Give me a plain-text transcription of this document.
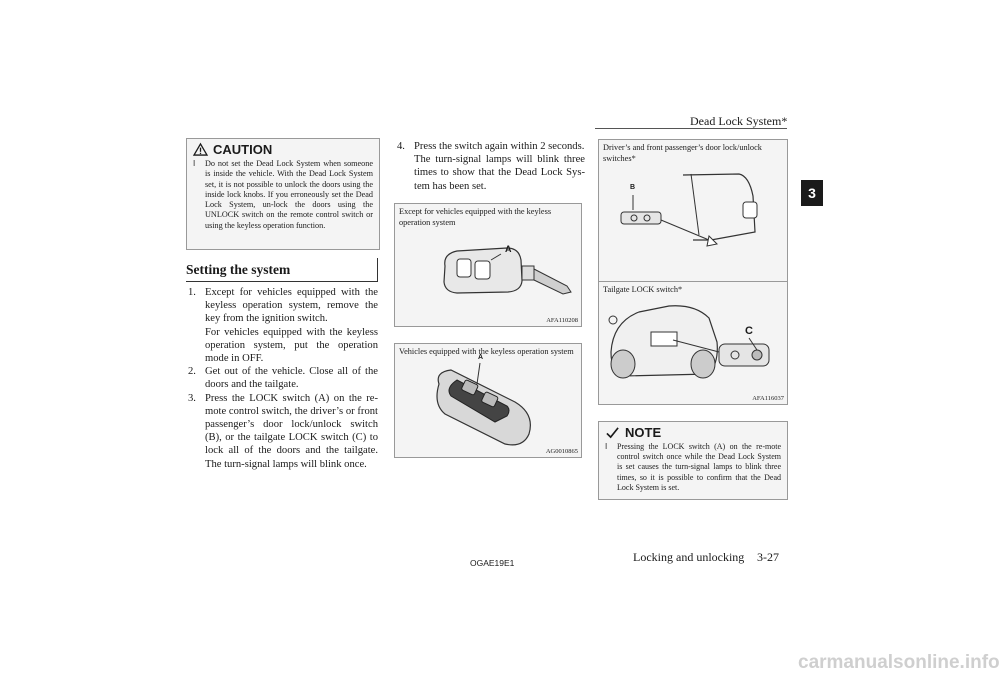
Dead Lock System*
3
CAUTION
l	Do not set the Dead Lock System when someone is inside the vehicle. With the Dead Lock System set, it is not possible to unlock the doors using the inside lock knobs. If you erroneously set the Dead Lock System, un-lock the doors using the UNLOCK switch on the remote control switch or using the keyless operation function.
Setting the system
1. Except for vehicles equipped with the keyless operation system, remove the key from the ignition switch.
For vehicles equipped with the keyless operation system, put the operation mode in OFF.
2. Get out of the vehicle. Close all of the doors and the tailgate.
3. Press the LOCK switch (A) on the re-mote control switch, the driver’s or front passenger’s door lock/unlock switch (B), or the tailgate LOCK switch (C) to lock all of the doors and the tailgate. The turn-signal lamps will blink once.
4. Press the switch again within 2 seconds.
The turn-signal lamps will blink three times to show that the Dead Lock Sys-tem has been set.
Except for vehicles equipped with the keyless operation system
A
AFA110208
Vehicles equipped with the keyless operation system
A
AG0010865
Driver’s and front passenger’s door lock/unlock switches*
B
Tailgate LOCK switch*
C
AFA116037
NOTE
l	Pressing the LOCK switch (A) on the re-mote control switch once while the Dead Lock System is set causes the turn-signal lamps to blink three times, so it is possible to confirm that the Dead Lock System is set.
OGAE19E1	Locking and unlocking 3-27
carmanualsonline.info
